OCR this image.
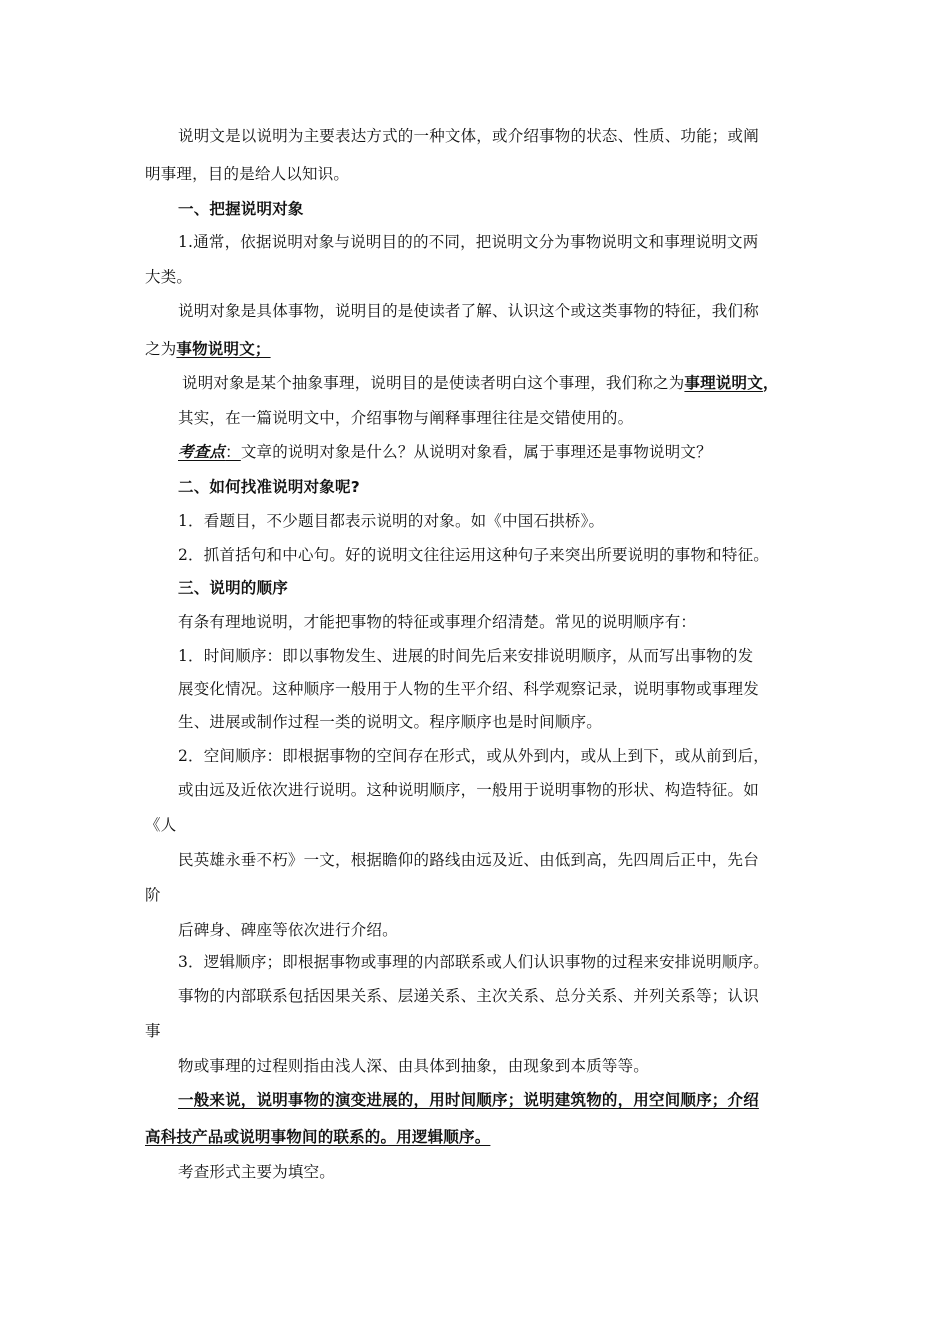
说明文是以说明为主要表达方式的一种文体，或介绍事物的状态、性质、功能；或阐
明事理，目的是给人以知识。
一、把握说明对象
1.通常，依据说明对象与说明目的的不同，把说明文分为事物说明文和事理说明文两
大类。
说明对象是具体事物，说明目的是使读者了解、认识这个或这类事物的特征，我们称
之为事物说明文；
说明对象是某个抽象事理，说明目的是使读者明白这个事理，我们称之为事理说明文，
其实，在一篇说明文中，介绍事物与阐释事理往往是交错使用的。
考查点：文章的说明对象是什么？从说明对象看，属于事理还是事物说明文？
二、如何找准说明对象呢?
1．看题目，不少题目都表示说明的对象。如《中国石拱桥》。
2．抓首括句和中心句。好的说明文往往运用这种句子来突出所要说明的事物和特征。
三、说明的顺序
有条有理地说明，才能把事物的特征或事理介绍清楚。常见的说明顺序有：
1．时间顺序：即以事物发生、进展的时间先后来安排说明顺序，从而写出事物的发
展变化情况。这种顺序一般用于人物的生平介绍、科学观察记录，说明事物或事理发
生、进展或制作过程一类的说明文。程序顺序也是时间顺序。
2．空间顺序：即根据事物的空间存在形式，或从外到内，或从上到下，或从前到后，
或由远及近依次进行说明。这种说明顺序，一般用于说明事物的形状、构造特征。如
《人
民英雄永垂不朽》一文，根据瞻仰的路线由远及近、由低到高，先四周后正中，先台
阶
后碑身、碑座等依次进行介绍。
3．逻辑顺序；即根据事物或事理的内部联系或人们认识事物的过程来安排说明顺序。
事物的内部联系包括因果关系、层递关系、主次关系、总分关系、并列关系等；认识
事
物或事理的过程则指由浅人深、由具体到抽象，由现象到本质等等。
一般来说，说明事物的演变进展的，用时间顺序；说明建筑物的，用空间顺序；介绍
高科技产品或说明事物间的联系的。用逻辑顺序。
考查形式主要为填空。
